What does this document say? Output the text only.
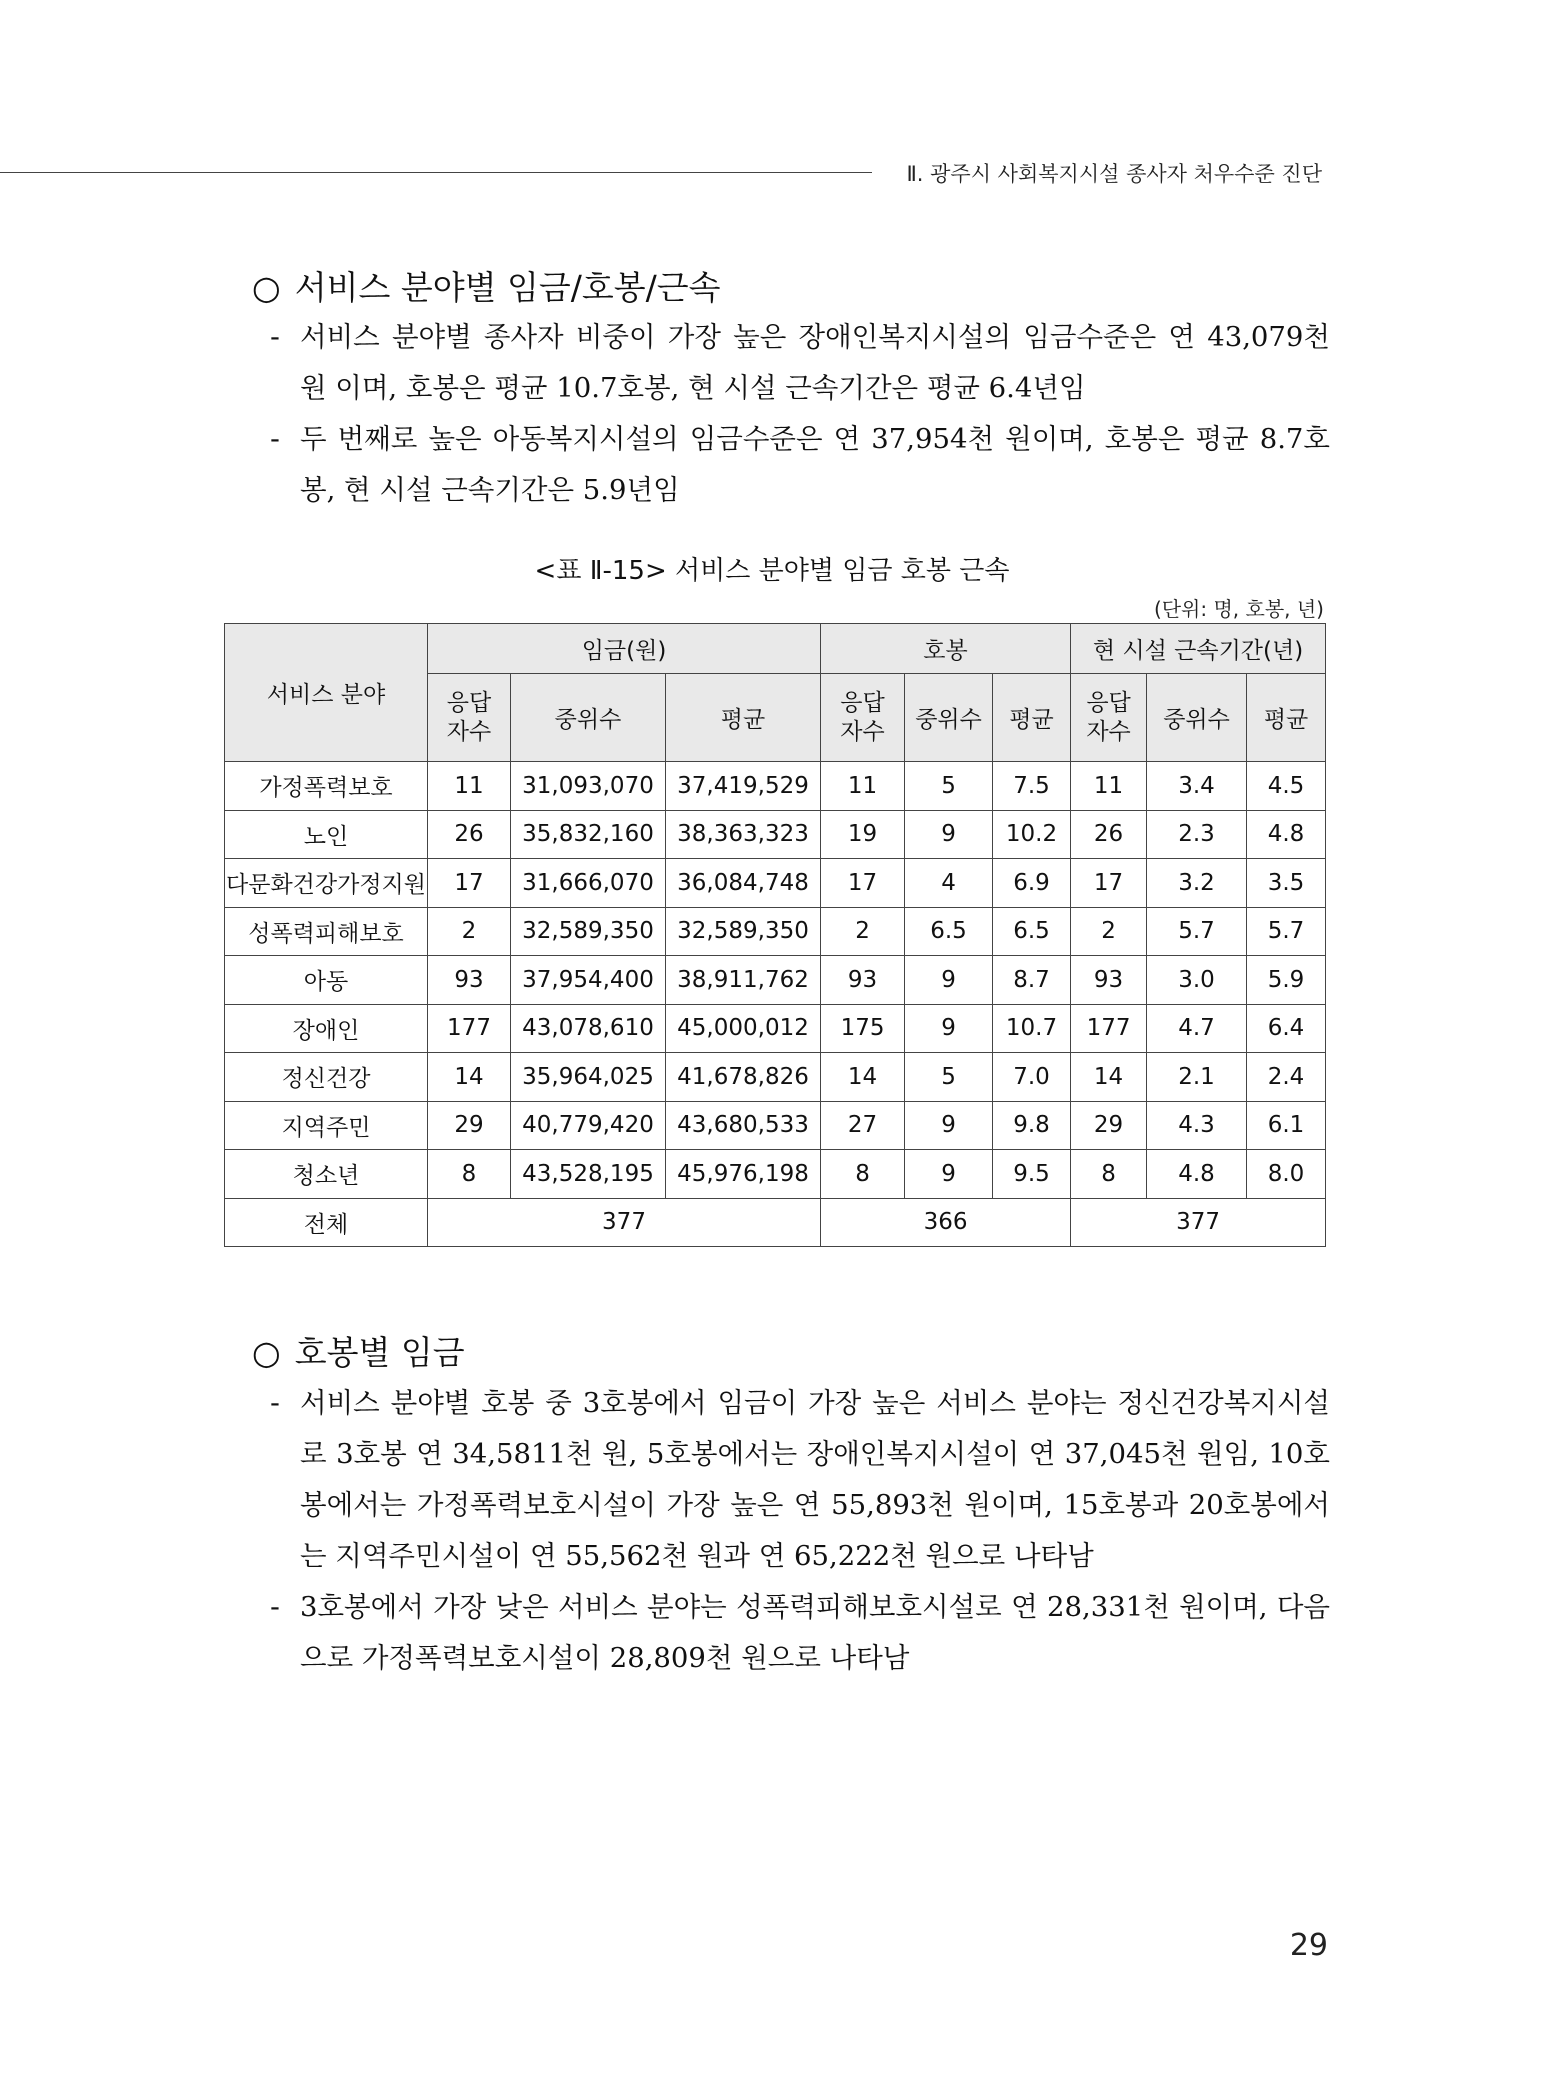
Ⅱ. 광주시 사회복지시설 종사자 처우수준 진단
○ 서비스 분야별 임금/호봉/근속
- 서비스 분야별 종사자 비중이 가장 높은 장애인복지시설의 임금수준은 연 43,079천 원 이며, 호봉은 평균 10.7호봉, 현 시설 근속기간은 평균 6.4년임
- 두 번째로 높은 아동복지시설의 임금수준은 연 37,954천 원이며, 호봉은 평균 8.7호봉, 현 시설 근속기간은 5.9년임
<표 Ⅱ-15> 서비스 분야별 임금 호봉 근속
(단위: 명, 호봉, 년)
서비스 분야	임금(원)			호봉			현 시설 근속기간(년)		

	응답자수	중위수	평균	응답자수	중위수	평균	응답자수	중위수	평균
가정폭력보호	11	31,093,070	37,419,529	11	5	7.5	11	3.4	4.5
노인	26	35,832,160	38,363,323	19	9	10.2	26	2.3	4.8
다문화건강가정지원	17	31,666,070	36,084,748	17	4	6.9	17	3.2	3.5
성폭력피해보호	2	32,589,350	32,589,350	2	6.5	6.5	2	5.7	5.7
아동	93	37,954,400	38,911,762	93	9	8.7	93	3.0	5.9
장애인	177	43,078,610	45,000,012	175	9	10.7	177	4.7	6.4
정신건강	14	35,964,025	41,678,826	14	5	7.0	14	2.1	2.4
지역주민	29	40,779,420	43,680,533	27	9	9.8	29	4.3	6.1
청소년	8	43,528,195	45,976,198	8	9	9.5	8	4.8	8.0
전체	377			366			377		
○ 호봉별 임금
- 서비스 분야별 호봉 중 3호봉에서 임금이 가장 높은 서비스 분야는 정신건강복지시설로 3호봉 연 34,5811천 원, 5호봉에서는 장애인복지시설이 연 37,045천 원임, 10호봉에서는 가정폭력보호시설이 가장 높은 연 55,893천 원이며, 15호봉과 20호봉에서는 지역주민시설이 연 55,562천 원과 연 65,222천 원으로 나타남
- 3호봉에서 가장 낮은 서비스 분야는 성폭력피해보호시설로 연 28,331천 원이며, 다음으로 가정폭력보호시설이 28,809천 원으로 나타남
29
